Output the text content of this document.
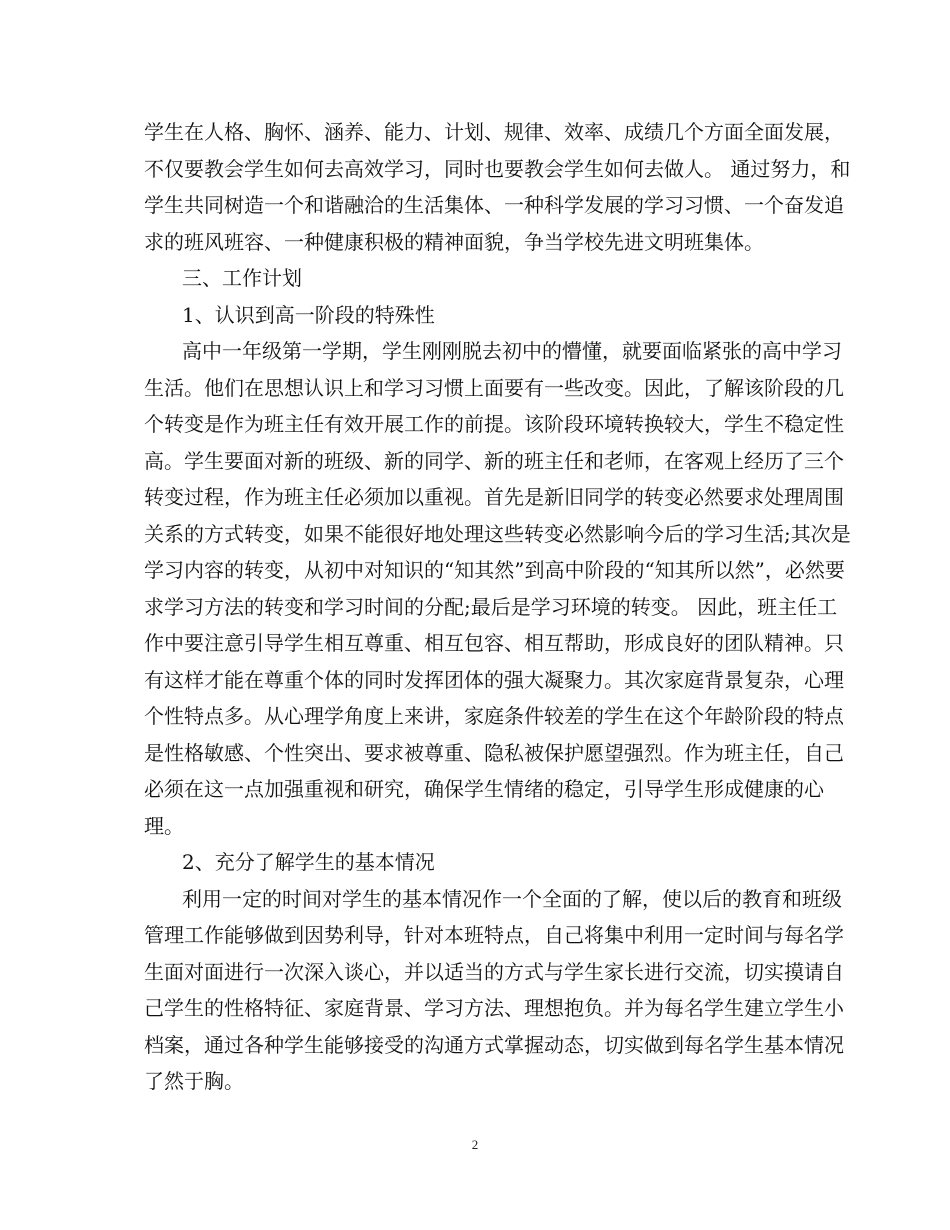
学生在人格、胸怀、涵养、能力、计划、规律、效率、成绩几个方面全面发展，
不仅要教会学生如何去高效学习，同时也要教会学生如何去做人。 通过努力，和
学生共同树造一个和谐融洽的生活集体、一种科学发展的学习习惯、一个奋发追
求的班风班容、一种健康积极的精神面貌，争当学校先进文明班集体。
三、工作计划
1、认识到高一阶段的特殊性
高中一年级第一学期，学生刚刚脱去初中的懵懂，就要面临紧张的高中学习
生活。他们在思想认识上和学习习惯上面要有一些改变。因此，了解该阶段的几
个转变是作为班主任有效开展工作的前提。该阶段环境转换较大，学生不稳定性
高。学生要面对新的班级、新的同学、新的班主任和老师，在客观上经历了三个
转变过程，作为班主任必须加以重视。首先是新旧同学的转变必然要求处理周围
关系的方式转变，如果不能很好地处理这些转变必然影响今后的学习生活;其次是
学习内容的转变，从初中对知识的“知其然”到高中阶段的“知其所以然”，必然要
求学习方法的转变和学习时间的分配;最后是学习环境的转变。 因此，班主任工
作中要注意引导学生相互尊重、相互包容、相互帮助，形成良好的团队精神。只
有这样才能在尊重个体的同时发挥团体的强大凝聚力。其次家庭背景复杂，心理
个性特点多。从心理学角度上来讲，家庭条件较差的学生在这个年龄阶段的特点
是性格敏感、个性突出、要求被尊重、隐私被保护愿望强烈。作为班主任，自己
必须在这一点加强重视和研究，确保学生情绪的稳定，引导学生形成健康的心
理。
2、充分了解学生的基本情况
利用一定的时间对学生的基本情况作一个全面的了解，使以后的教育和班级
管理工作能够做到因势利导，针对本班特点，自己将集中利用一定时间与每名学
生面对面进行一次深入谈心，并以适当的方式与学生家长进行交流，切实摸请自
己学生的性格特征、家庭背景、学习方法、理想抱负。并为每名学生建立学生小
档案，通过各种学生能够接受的沟通方式掌握动态，切实做到每名学生基本情况
了然于胸。
2
